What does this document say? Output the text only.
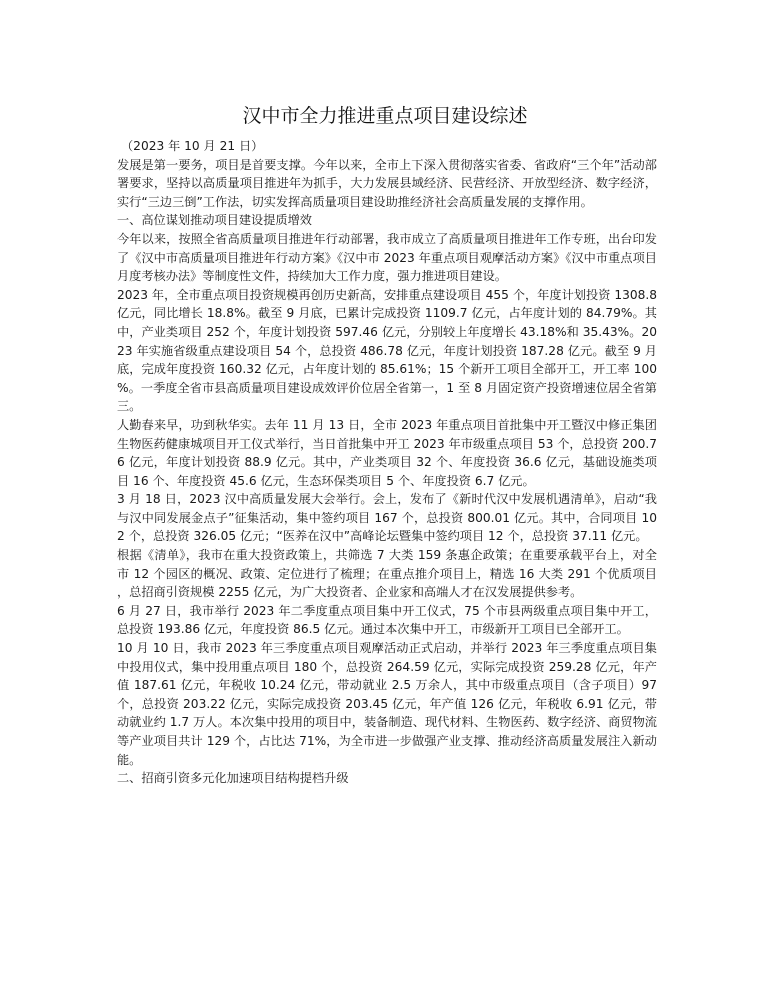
汉中市全力推进重点项目建设综述

（2023 年 10 月 21 日）

发展是第一要务，项目是首要支撑。今年以来，全市上下深入贯彻落实省委、省政府“三个年”活动部署要求，坚持以高质量项目推进年为抓手，大力发展县域经济、民营经济、开放型经济、数字经济，实行“三边三倒”工作法，切实发挥高质量项目建设助推经济社会高质量发展的支撑作用。

一、高位谋划推动项目建设提质增效

今年以来，按照全省高质量项目推进年行动部署，我市成立了高质量项目推进年工作专班，出台印发了《汉中市高质量项目推进年行动方案》《汉中市 2023 年重点项目观摩活动方案》《汉中市重点项目月度考核办法》等制度性文件，持续加大工作力度，强力推进项目建设。

2023 年，全市重点项目投资规模再创历史新高，安排重点建设项目 455 个，年度计划投资 1308.8 亿元，同比增长 18.8%。截至 9 月底，已累计完成投资 1109.7 亿元，占年度计划的 84.79%。其中，产业类项目 252 个，年度计划投资 597.46 亿元，分别较上年度增长 43.18%和 35.43%。2023 年实施省级重点建设项目 54 个，总投资 486.78 亿元，年度计划投资 187.28 亿元。截至 9 月底，完成年度投资 160.32 亿元，占年度计划的 85.61%；15 个新开工项目全部开工，开工率 100%。一季度全省市县高质量项目建设成效评价位居全省第一，1 至 8 月固定资产投资增速位居全省第三。

人勤春来早，功到秋华实。去年 11 月 13 日，全市 2023 年重点项目首批集中开工暨汉中修正集团生物医药健康城项目开工仪式举行，当日首批集中开工 2023 年市级重点项目 53 个，总投资 200.76 亿元，年度计划投资 88.9 亿元。其中，产业类项目 32 个、年度投资 36.6 亿元，基础设施类项目 16 个、年度投资 45.6 亿元，生态环保类项目 5 个、年度投资 6.7 亿元。

3 月 18 日，2023 汉中高质量发展大会举行。会上，发布了《新时代汉中发展机遇清单》，启动“我与汉中同发展金点子”征集活动，集中签约项目 167 个，总投资 800.01 亿元。其中，合同项目 102 个，总投资 326.05 亿元；“医养在汉中”高峰论坛暨集中签约项目 12 个，总投资 37.11 亿元。

根据《清单》，我市在重大投资政策上，共筛选 7 大类 159 条惠企政策；在重要承载平台上，对全市 12 个园区的概况、政策、定位进行了梳理；在重点推介项目上，精选 16 大类 291 个优质项目，总招商引资规模 2255 亿元，为广大投资者、企业家和高端人才在汉发展提供参考。

6 月 27 日，我市举行 2023 年二季度重点项目集中开工仪式，75 个市县两级重点项目集中开工，总投资 193.86 亿元，年度投资 86.5 亿元。通过本次集中开工，市级新开工项目已全部开工。

10 月 10 日，我市 2023 年三季度重点项目观摩活动正式启动，并举行 2023 年三季度重点项目集中投用仪式，集中投用重点项目 180 个，总投资 264.59 亿元，实际完成投资 259.28 亿元，年产值 187.61 亿元，年税收 10.24 亿元，带动就业 2.5 万余人，其中市级重点项目（含子项目）97 个，总投资 203.22 亿元，实际完成投资 203.45 亿元，年产值 126 亿元，年税收 6.91 亿元，带动就业约 1.7 万人。本次集中投用的项目中，装备制造、现代材料、生物医药、数字经济、商贸物流等产业项目共计 129 个，占比达 71%，为全市进一步做强产业支撑、推动经济高质量发展注入新动能。

二、招商引资多元化加速项目结构提档升级
